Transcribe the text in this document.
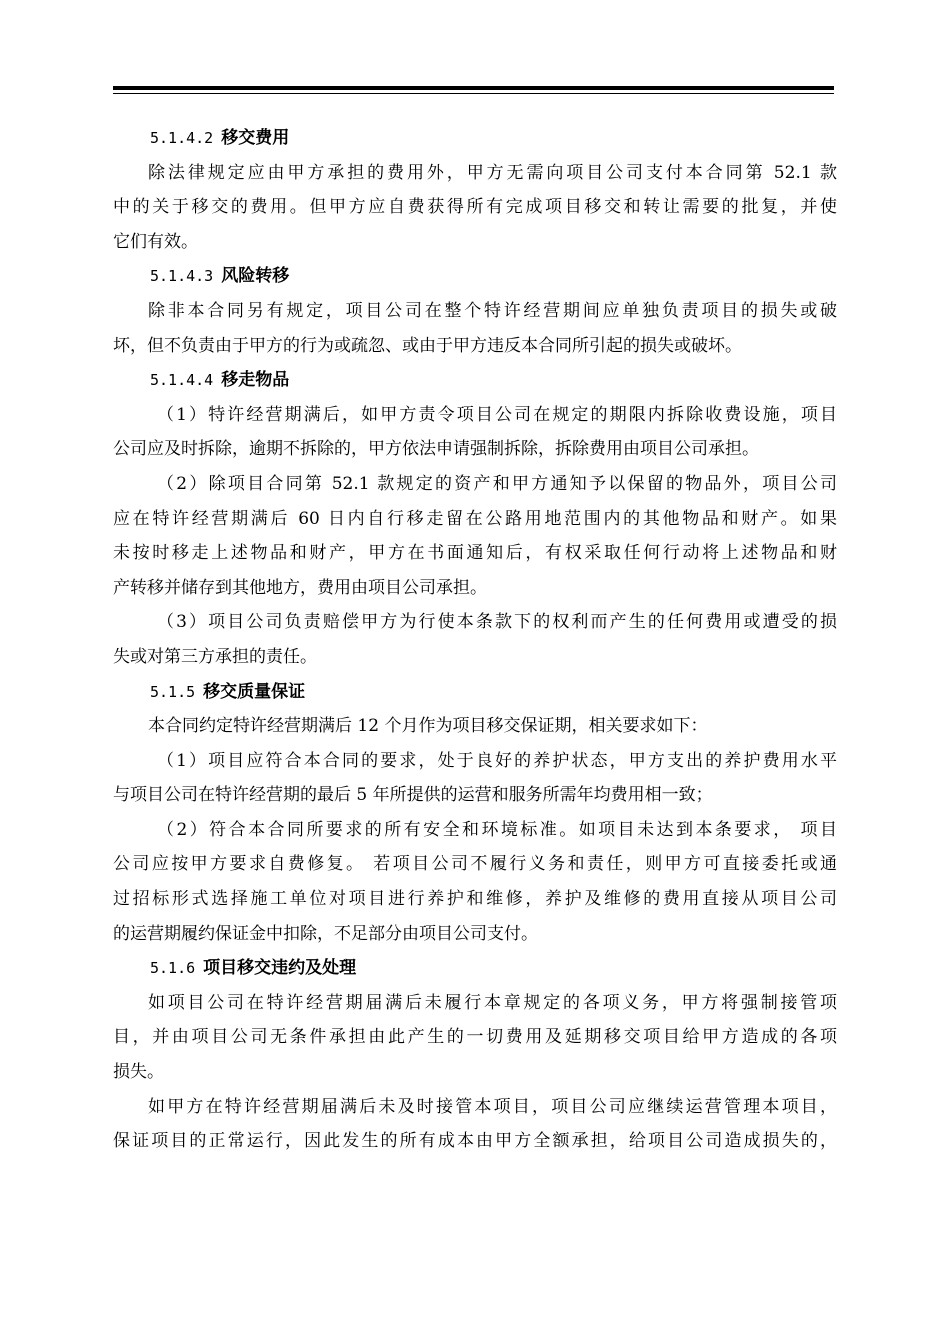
5.1.4.2 移交费用
除法律规定应由甲方承担的费用外，甲方无需向项目公司支付本合同第 52.1 款
中的关于移交的费用。但甲方应自费获得所有完成项目移交和转让需要的批复，并使
它们有效。
5.1.4.3 风险转移
除非本合同另有规定，项目公司在整个特许经营期间应单独负责项目的损失或破
坏，但不负责由于甲方的行为或疏忽、或由于甲方违反本合同所引起的损失或破坏。
5.1.4.4 移走物品
（1）特许经营期满后，如甲方责令项目公司在规定的期限内拆除收费设施，项目
公司应及时拆除，逾期不拆除的，甲方依法申请强制拆除，拆除费用由项目公司承担。
（2）除项目合同第 52.1 款规定的资产和甲方通知予以保留的物品外，项目公司
应在特许经营期满后 60 日内自行移走留在公路用地范围内的其他物品和财产。如果
未按时移走上述物品和财产，甲方在书面通知后，有权采取任何行动将上述物品和财
产转移并储存到其他地方，费用由项目公司承担。
（3）项目公司负责赔偿甲方为行使本条款下的权利而产生的任何费用或遭受的损
失或对第三方承担的责任。
5.1.5 移交质量保证
本合同约定特许经营期满后 12 个月作为项目移交保证期，相关要求如下：
（1）项目应符合本合同的要求，处于良好的养护状态，甲方支出的养护费用水平
与项目公司在特许经营期的最后 5 年所提供的运营和服务所需年均费用相一致；
（2）符合本合同所要求的所有安全和环境标准。如项目未达到本条要求， 项目
公司应按甲方要求自费修复。 若项目公司不履行义务和责任，则甲方可直接委托或通
过招标形式选择施工单位对项目进行养护和维修，养护及维修的费用直接从项目公司
的运营期履约保证金中扣除，不足部分由项目公司支付。
5.1.6 项目移交违约及处理
如项目公司在特许经营期届满后未履行本章规定的各项义务，甲方将强制接管项
目，并由项目公司无条件承担由此产生的一切费用及延期移交项目给甲方造成的各项
损失。
如甲方在特许经营期届满后未及时接管本项目，项目公司应继续运营管理本项目，
保证项目的正常运行，因此发生的所有成本由甲方全额承担，给项目公司造成损失的，
